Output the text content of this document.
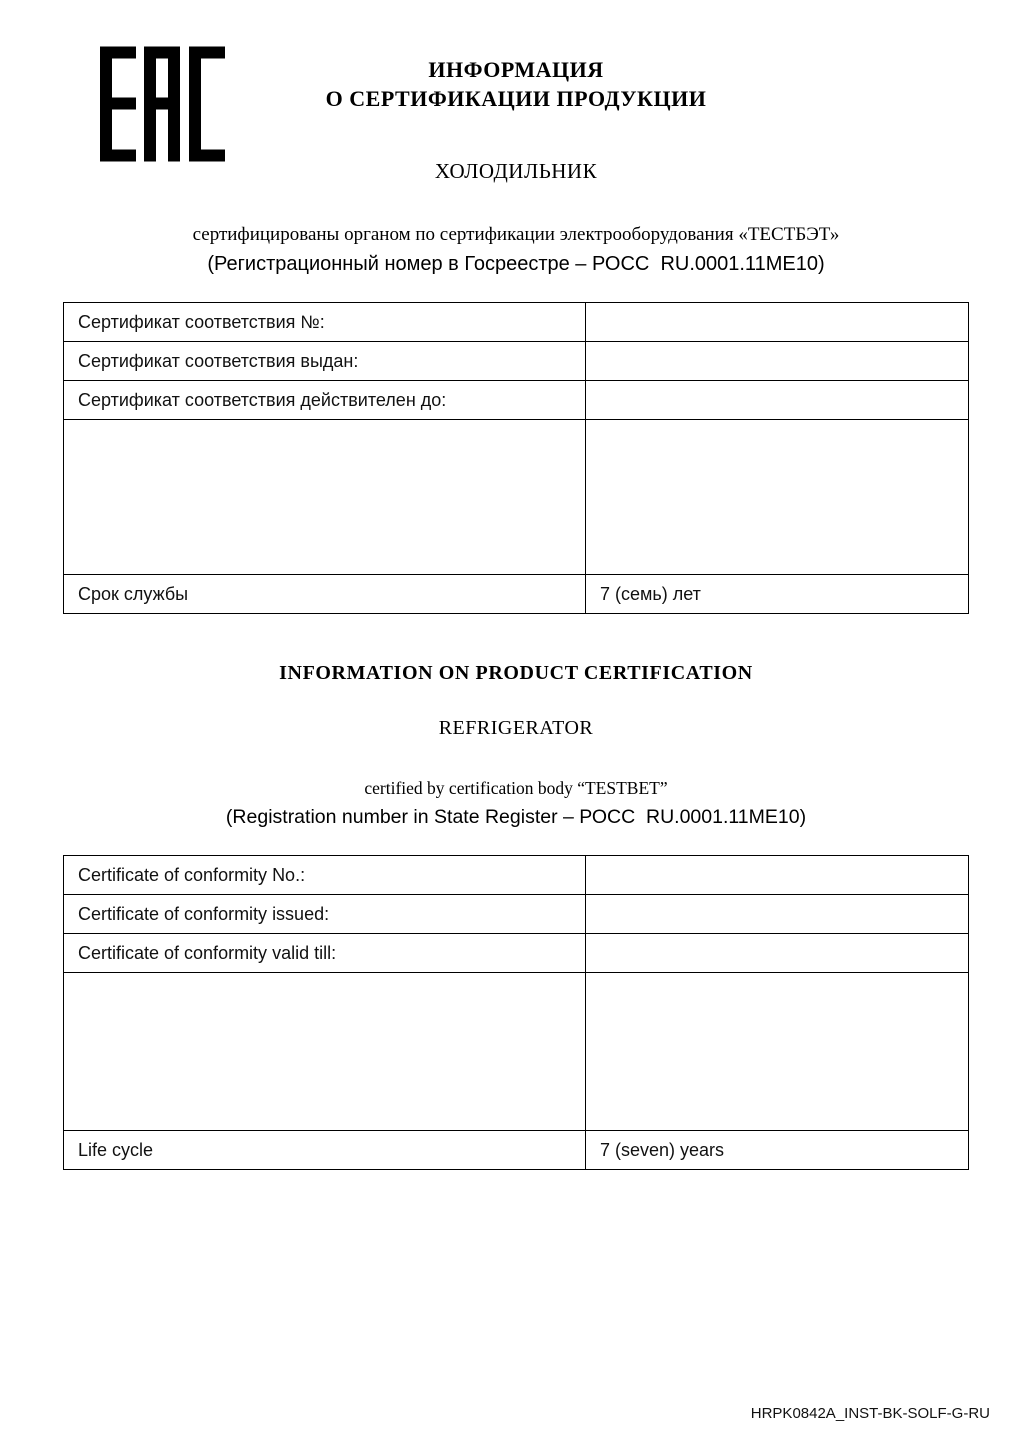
ИНФОРМАЦИЯ
О СЕРТИФИКАЦИИ ПРОДУКЦИИ
ХОЛОДИЛЬНИК
сертифицированы органом по сертификации электрооборудования «ТЕСТБЭТ»
(Регистрационный номер в Госреестре – РОСС  RU.0001.11ME10)
Сертификат соответствия №:	
Сертификат соответствия выдан:	
Сертификат соответствия действителен до:	

Срок службы	7 (семь) лет
INFORMATION ON PRODUCT CERTIFICATION
REFRIGERATOR
certified by certification body “TESTBET”
(Registration number in State Register – РОСС  RU.0001.11ME10)
Certificate of conformity No.:	
Certificate of conformity issued:	
Certificate of conformity valid till:	

Life cycle	7 (seven) years
HRPK0842A_INST-BK-SOLF-G-RU
